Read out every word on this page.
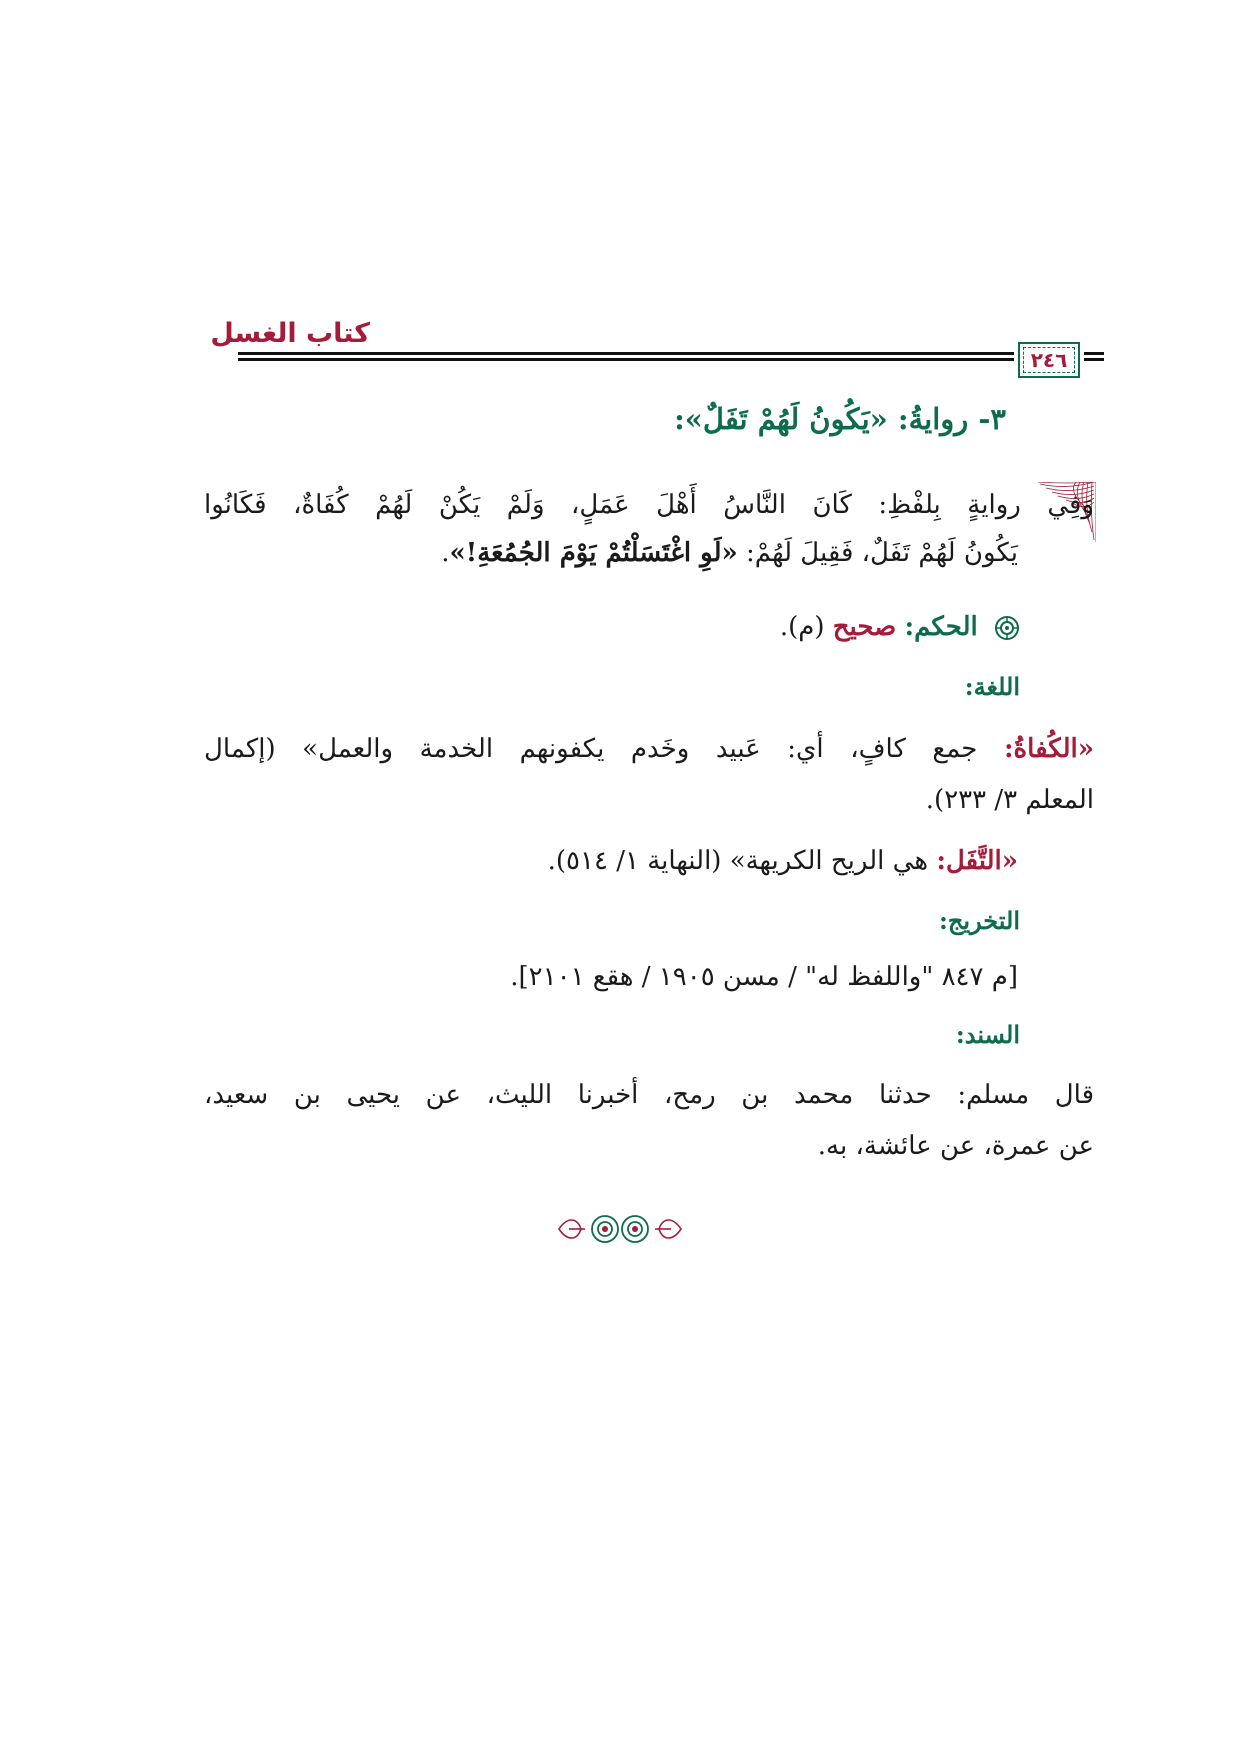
كتاب الغسل
٢٤٦
٣- روايةُ: «يَكُونُ لَهُمْ تَفَلٌ»:
وَفِي روايةٍ بِلفْظِ: كَانَ النَّاسُ أَهْلَ عَمَلٍ، وَلَمْ يَكُنْ لَهُمْ كُفَاةٌ، فَكَانُوا
يَكُونُ لَهُمْ تَفَلٌ، فَقِيلَ لَهُمْ: «لَوِ اغْتَسَلْتُمْ يَوْمَ الجُمُعَةِ!».
الحكم: صحيح (م).
اللغة:
«الكُفاةُ: جمع كافٍ، أي: عَبيد وخَدم يكفونهم الخدمة والعمل» (إكمال
المعلم ٣/ ٢٣٣).
«التَّفَل: هي الريح الكريهة» (النهاية ١/ ٥١٤).
التخريج:
[م ٨٤٧ "واللفظ له" / مسن ١٩٠٥ / هقع ٢١٠١].
السند:
قال مسلم: حدثنا محمد بن رمح، أخبرنا الليث، عن يحيى بن سعيد،
عن عمرة، عن عائشة، به.
